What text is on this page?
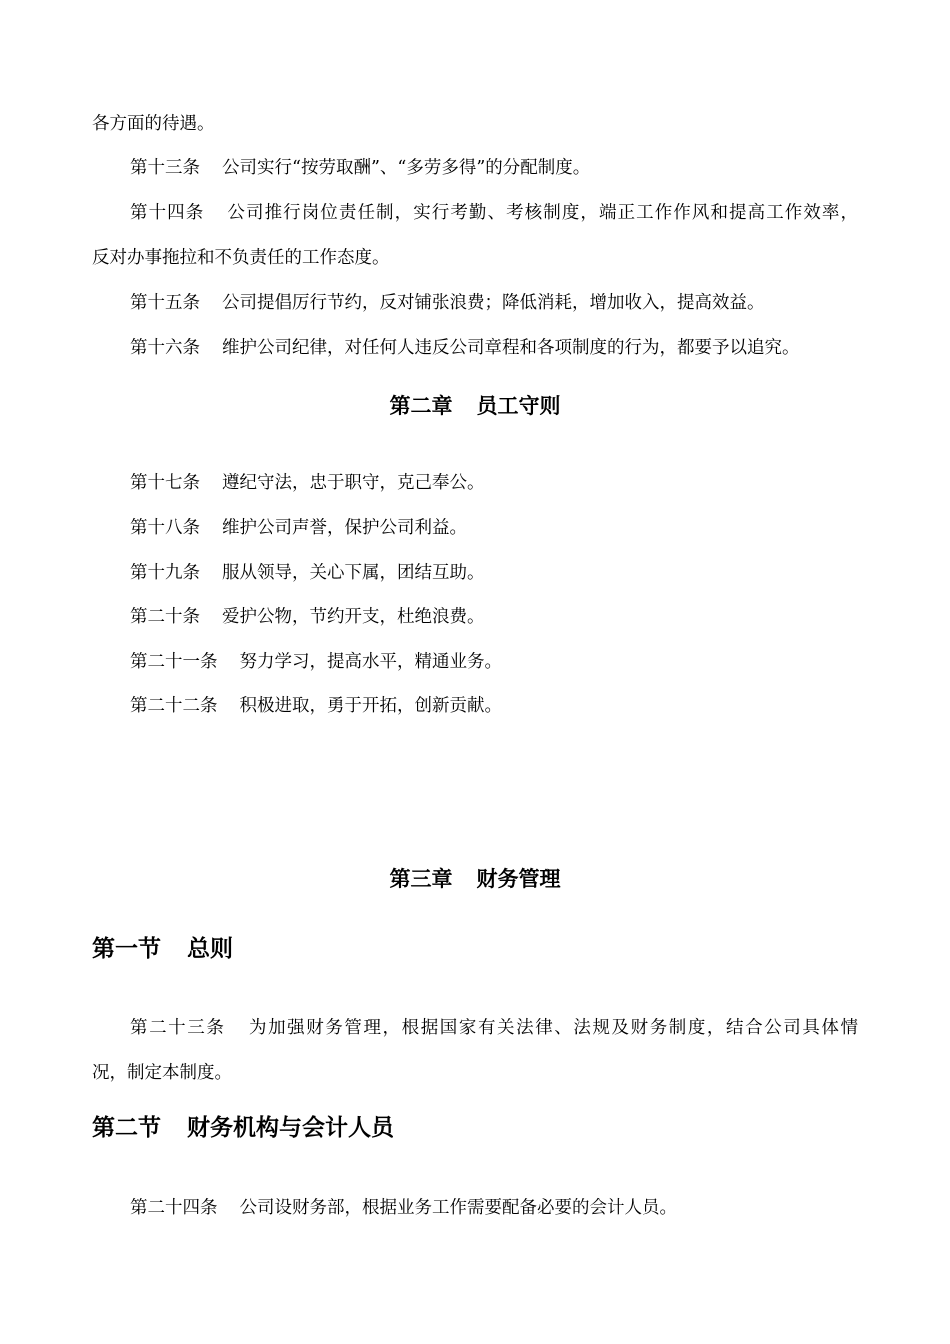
各方面的待遇。
第十三条 公司实行“按劳取酬”、“多劳多得”的分配制度。
第十四条 公司推行岗位责任制，实行考勤、考核制度，端正工作作风和提高工作效率，
反对办事拖拉和不负责任的工作态度。
第十五条 公司提倡厉行节约，反对铺张浪费；降低消耗，增加收入，提高效益。
第十六条 维护公司纪律，对任何人违反公司章程和各项制度的行为，都要予以追究。
第二章 员工守则
第十七条 遵纪守法，忠于职守，克己奉公。
第十八条 维护公司声誉，保护公司利益。
第十九条 服从领导，关心下属，团结互助。
第二十条 爱护公物，节约开支，杜绝浪费。
第二十一条 努力学习，提高水平，精通业务。
第二十二条 积极进取，勇于开拓，创新贡献。
第三章 财务管理
第一节 总则
第二十三条 为加强财务管理，根据国家有关法律、法规及财务制度，结合公司具体情
况，制定本制度。
第二节 财务机构与会计人员
第二十四条 公司设财务部，根据业务工作需要配备必要的会计人员。
